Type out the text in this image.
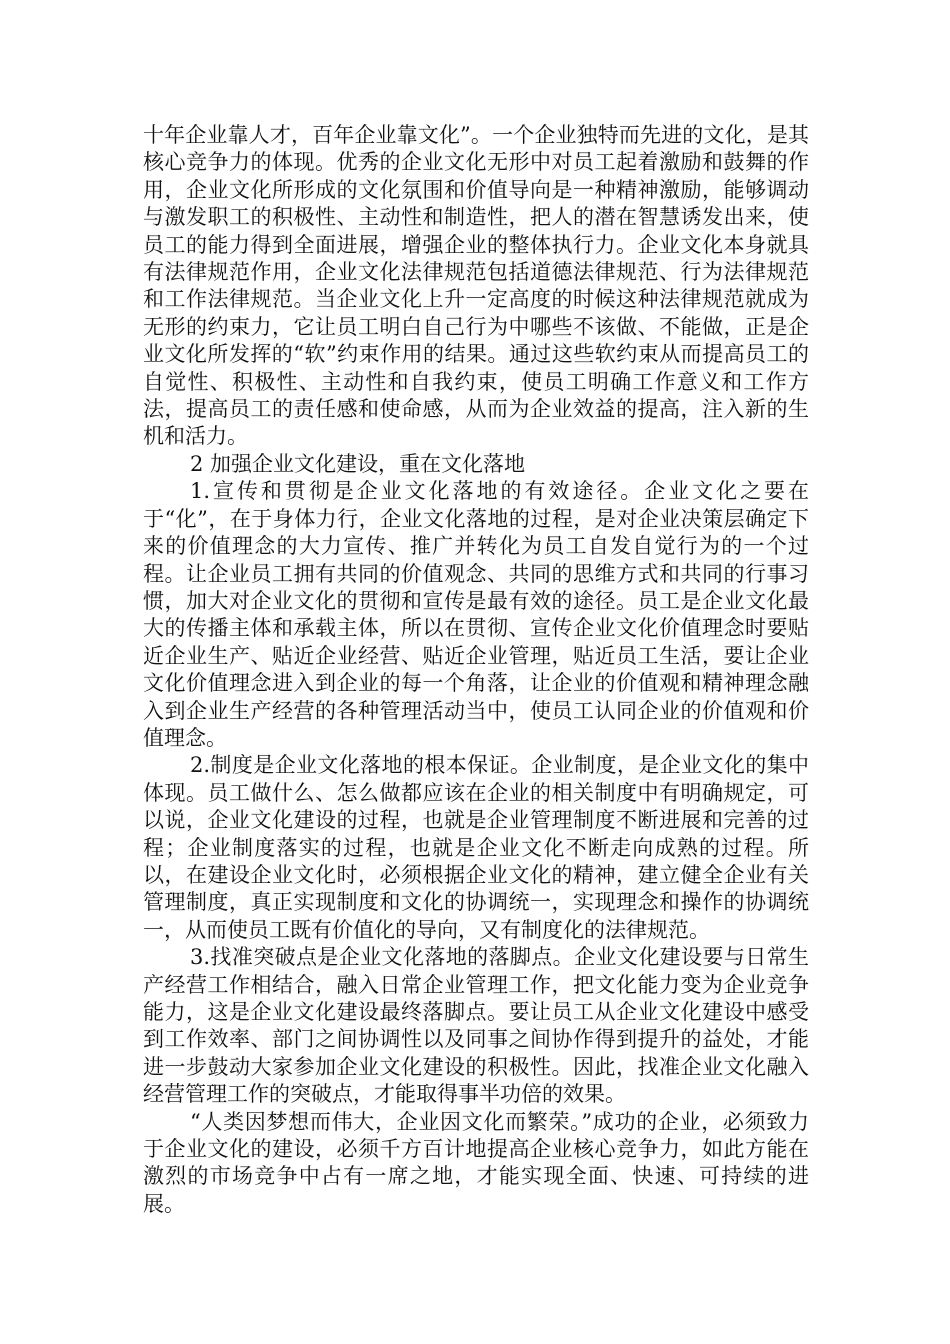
十年企业靠人才，百年企业靠文化”。一个企业独特而先进的文化，是其核心竞争力的体现。优秀的企业文化无形中对员工起着激励和鼓舞的作用，企业文化所形成的文化氛围和价值导向是一种精神激励，能够调动与激发职工的积极性、主动性和制造性，把人的潜在智慧诱发出来，使员工的能力得到全面进展，增强企业的整体执行力。企业文化本身就具有法律规范作用，企业文化法律规范包括道德法律规范、行为法律规范和工作法律规范。当企业文化上升一定高度的时候这种法律规范就成为无形的约束力，它让员工明白自己行为中哪些不该做、不能做，正是企业文化所发挥的“软”约束作用的结果。通过这些软约束从而提高员工的自觉性、积极性、主动性和自我约束，使员工明确工作意义和工作方法，提高员工的责任感和使命感，从而为企业效益的提高，注入新的生机和活力。

2 加强企业文化建设，重在文化落地

1.宣传和贯彻是企业文化落地的有效途径。企业文化之要在于“化”，在于身体力行，企业文化落地的过程，是对企业决策层确定下来的价值理念的大力宣传、推广并转化为员工自发自觉行为的一个过程。让企业员工拥有共同的价值观念、共同的思维方式和共同的行事习惯，加大对企业文化的贯彻和宣传是最有效的途径。员工是企业文化最大的传播主体和承载主体，所以在贯彻、宣传企业文化价值理念时要贴近企业生产、贴近企业经营、贴近企业管理，贴近员工生活，要让企业文化价值理念进入到企业的每一个角落，让企业的价值观和精神理念融入到企业生产经营的各种管理活动当中，使员工认同企业的价值观和价值理念。

2.制度是企业文化落地的根本保证。企业制度，是企业文化的集中体现。员工做什么、怎么做都应该在企业的相关制度中有明确规定，可以说，企业文化建设的过程，也就是企业管理制度不断进展和完善的过程；企业制度落实的过程，也就是企业文化不断走向成熟的过程。所以，在建设企业文化时，必须根据企业文化的精神，建立健全企业有关管理制度，真正实现制度和文化的协调统一，实现理念和操作的协调统一，从而使员工既有价值化的导向，又有制度化的法律规范。

3.找准突破点是企业文化落地的落脚点。企业文化建设要与日常生产经营工作相结合，融入日常企业管理工作，把文化能力变为企业竞争能力，这是企业文化建设最终落脚点。要让员工从企业文化建设中感受到工作效率、部门之间协调性以及同事之间协作得到提升的益处，才能进一步鼓动大家参加企业文化建设的积极性。因此，找准企业文化融入经营管理工作的突破点，才能取得事半功倍的效果。

“人类因梦想而伟大，企业因文化而繁荣。”成功的企业，必须致力于企业文化的建设，必须千方百计地提高企业核心竞争力，如此方能在激烈的市场竞争中占有一席之地，才能实现全面、快速、可持续的进展。
